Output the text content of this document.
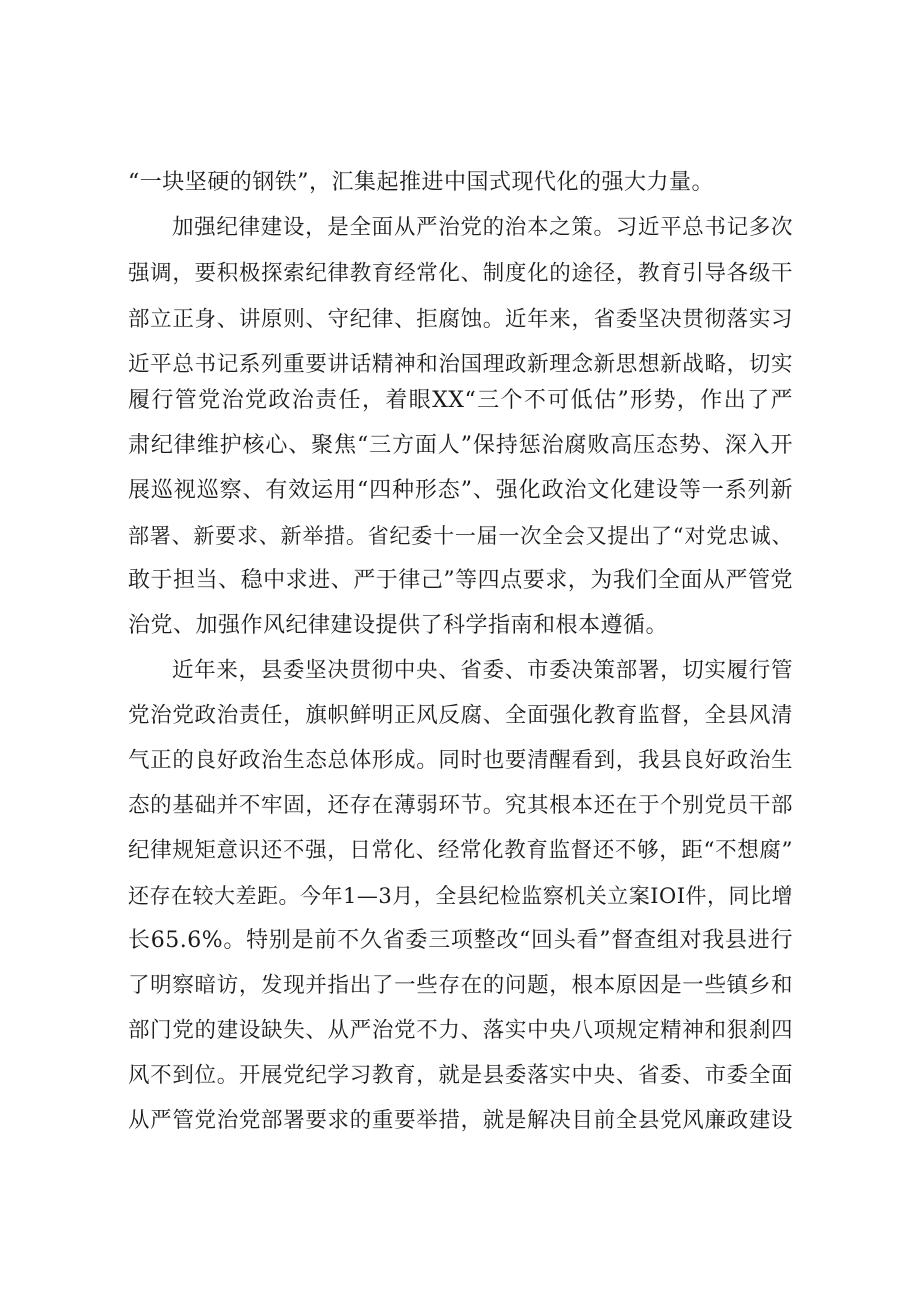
“一块坚硬的钢铁”，汇集起推进中国式现代化的强大力量。
加强纪律建设，是全面从严治党的治本之策。习近平总书记多次
强调，要积极探索纪律教育经常化、制度化的途径，教育引导各级干
部立正身、讲原则、守纪律、拒腐蚀。近年来，省委坚决贯彻落实习
近平总书记系列重要讲话精神和治国理政新理念新思想新战略，切实
履行管党治党政治责任，着眼XX“三个不可低估”形势，作出了严
肃纪律维护核心、聚焦“三方面人”保持惩治腐败高压态势、深入开
展巡视巡察、有效运用“四种形态”、强化政治文化建设等一系列新
部署、新要求、新举措。省纪委十一届一次全会又提出了“对党忠诚、
敢于担当、稳中求进、严于律己”等四点要求，为我们全面从严管党
治党、加强作风纪律建设提供了科学指南和根本遵循。
近年来，县委坚决贯彻中央、省委、市委决策部署，切实履行管
党治党政治责任，旗帜鲜明正风反腐、全面强化教育监督，全县风清
气正的良好政治生态总体形成。同时也要清醒看到，我县良好政治生
态的基础并不牢固，还存在薄弱环节。究其根本还在于个别党员干部
纪律规矩意识还不强，日常化、经常化教育监督还不够，距“不想腐”
还存在较大差距。今年1—3月，全县纪检监察机关立案IOI件，同比增
长65.6%。特别是前不久省委三项整改“回头看”督查组对我县进行
了明察暗访，发现并指出了一些存在的问题，根本原因是一些镇乡和
部门党的建设缺失、从严治党不力、落实中央八项规定精神和狠刹四
风不到位。开展党纪学习教育，就是县委落实中央、省委、市委全面
从严管党治党部署要求的重要举措，就是解决目前全县党风廉政建设
